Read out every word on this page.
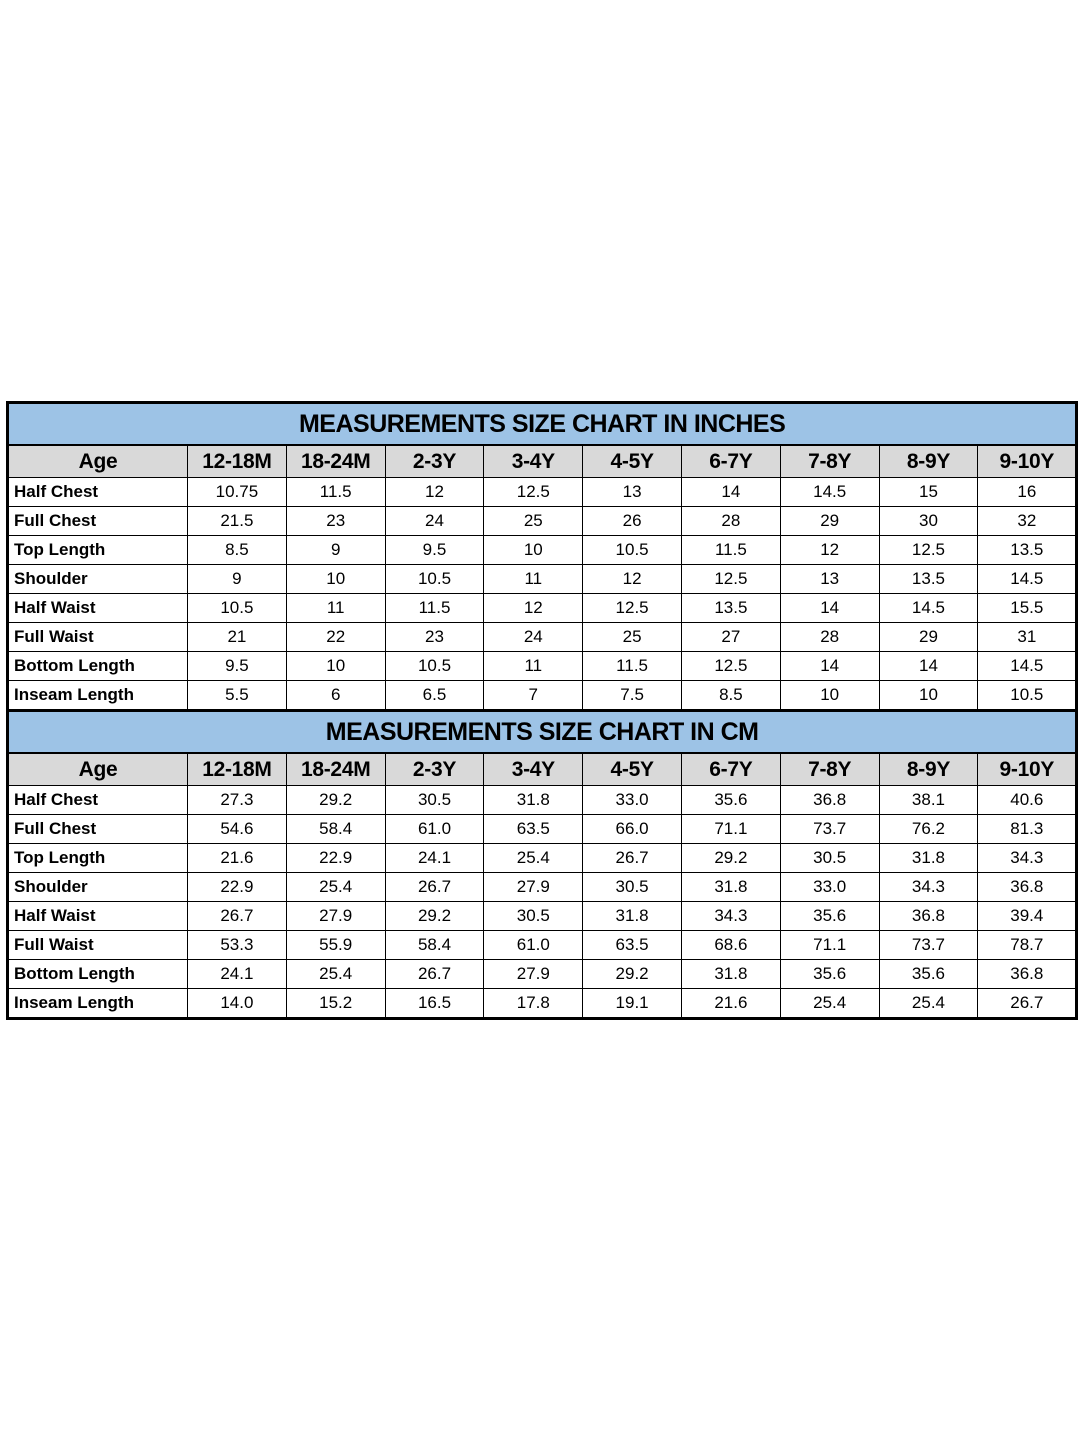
MEASUREMENTS SIZE CHART IN INCHES									
Age	12-18M	18-24M	2-3Y	3-4Y	4-5Y	6-7Y	7-8Y	8-9Y	9-10Y
Half Chest	10.75	11.5	12	12.5	13	14	14.5	15	16
Full Chest	21.5	23	24	25	26	28	29	30	32
Top Length	8.5	9	9.5	10	10.5	11.5	12	12.5	13.5
Shoulder	9	10	10.5	11	12	12.5	13	13.5	14.5
Half Waist	10.5	11	11.5	12	12.5	13.5	14	14.5	15.5
Full Waist	21	22	23	24	25	27	28	29	31
Bottom Length	9.5	10	10.5	11	11.5	12.5	14	14	14.5
Inseam Length	5.5	6	6.5	7	7.5	8.5	10	10	10.5
MEASUREMENTS SIZE CHART IN CM									
Age	12-18M	18-24M	2-3Y	3-4Y	4-5Y	6-7Y	7-8Y	8-9Y	9-10Y
Half Chest	27.3	29.2	30.5	31.8	33.0	35.6	36.8	38.1	40.6
Full Chest	54.6	58.4	61.0	63.5	66.0	71.1	73.7	76.2	81.3
Top Length	21.6	22.9	24.1	25.4	26.7	29.2	30.5	31.8	34.3
Shoulder	22.9	25.4	26.7	27.9	30.5	31.8	33.0	34.3	36.8
Half Waist	26.7	27.9	29.2	30.5	31.8	34.3	35.6	36.8	39.4
Full Waist	53.3	55.9	58.4	61.0	63.5	68.6	71.1	73.7	78.7
Bottom Length	24.1	25.4	26.7	27.9	29.2	31.8	35.6	35.6	36.8
Inseam Length	14.0	15.2	16.5	17.8	19.1	21.6	25.4	25.4	26.7
